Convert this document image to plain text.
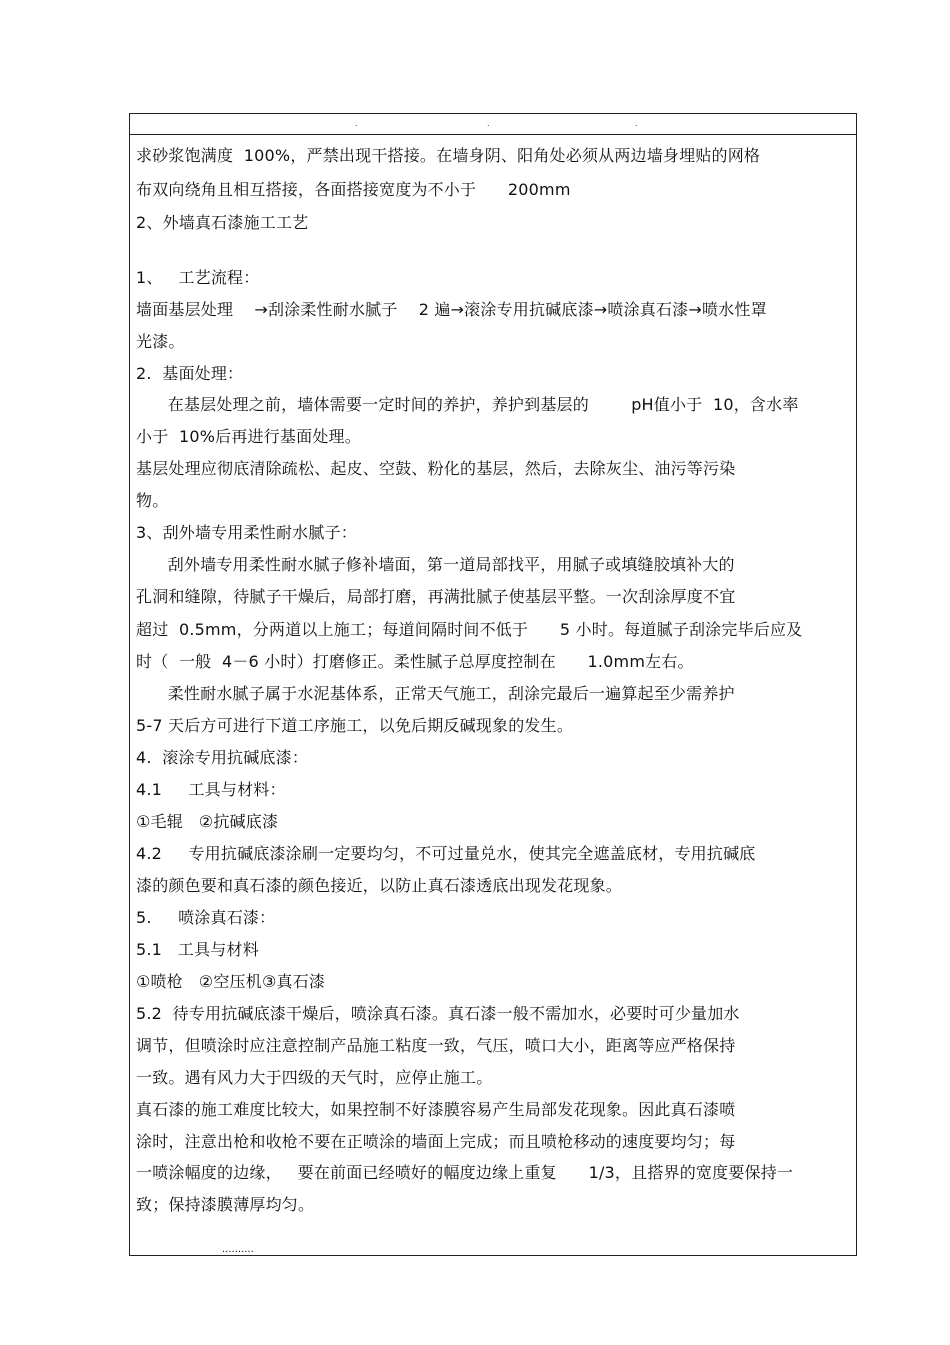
.	.	.
求砂浆饱满度  100%，严禁出现干搭接。在墙身阴、阳角处必须从两边墙身埋贴的网格
布双向绕角且相互搭接，各面搭接宽度为不小于      200mm
2、外墙真石漆施工工艺
1、   工艺流程：
墙面基层处理    →刮涂柔性耐水腻子    2 遍→滚涂专用抗碱底漆→喷涂真石漆→喷水性罩
光漆。
2.  基面处理：
在基层处理之前，墙体需要一定时间的养护，养护到基层的        pH值小于  10，含水率
小于  10%后再进行基面处理。
基层处理应彻底清除疏松、起皮、空鼓、粉化的基层，然后，去除灰尘、油污等污染
物。
3、刮外墙专用柔性耐水腻子：
刮外墙专用柔性耐水腻子修补墙面，第一道局部找平，用腻子或填缝胶填补大的
孔洞和缝隙，待腻子干燥后，局部打磨，再满批腻子使基层平整。一次刮涂厚度不宜
超过  0.5mm，分两道以上施工；每道间隔时间不低于      5 小时。每道腻子刮涂完毕后应及
时（  一般  4－6 小时）打磨修正。柔性腻子总厚度控制在      1.0mm左右。
柔性耐水腻子属于水泥基体系，正常天气施工，刮涂完最后一遍算起至少需养护
5-7 天后方可进行下道工序施工，以免后期反碱现象的发生。
4.  滚涂专用抗碱底漆：
4.1     工具与材料：
①毛辊   ②抗碱底漆
4.2     专用抗碱底漆涂刷一定要均匀，不可过量兑水，使其完全遮盖底材，专用抗碱底
漆的颜色要和真石漆的颜色接近，以防止真石漆透底出现发花现象。
5.     喷涂真石漆：
5.1   工具与材料
①喷枪   ②空压机③真石漆
5.2  待专用抗碱底漆干燥后，喷涂真石漆。真石漆一般不需加水，必要时可少量加水
调节，但喷涂时应注意控制产品施工粘度一致，气压，喷口大小，距离等应严格保持
一致。遇有风力大于四级的天气时，应停止施工。
真石漆的施工难度比较大，如果控制不好漆膜容易产生局部发花现象。因此真石漆喷
涂时，注意出枪和收枪不要在正喷涂的墙面上完成；而且喷枪移动的速度要均匀；每
一喷涂幅度的边缘，   要在前面已经喷好的幅度边缘上重复      1/3，且搭界的宽度要保持一
致；保持漆膜薄厚均匀。
..........
